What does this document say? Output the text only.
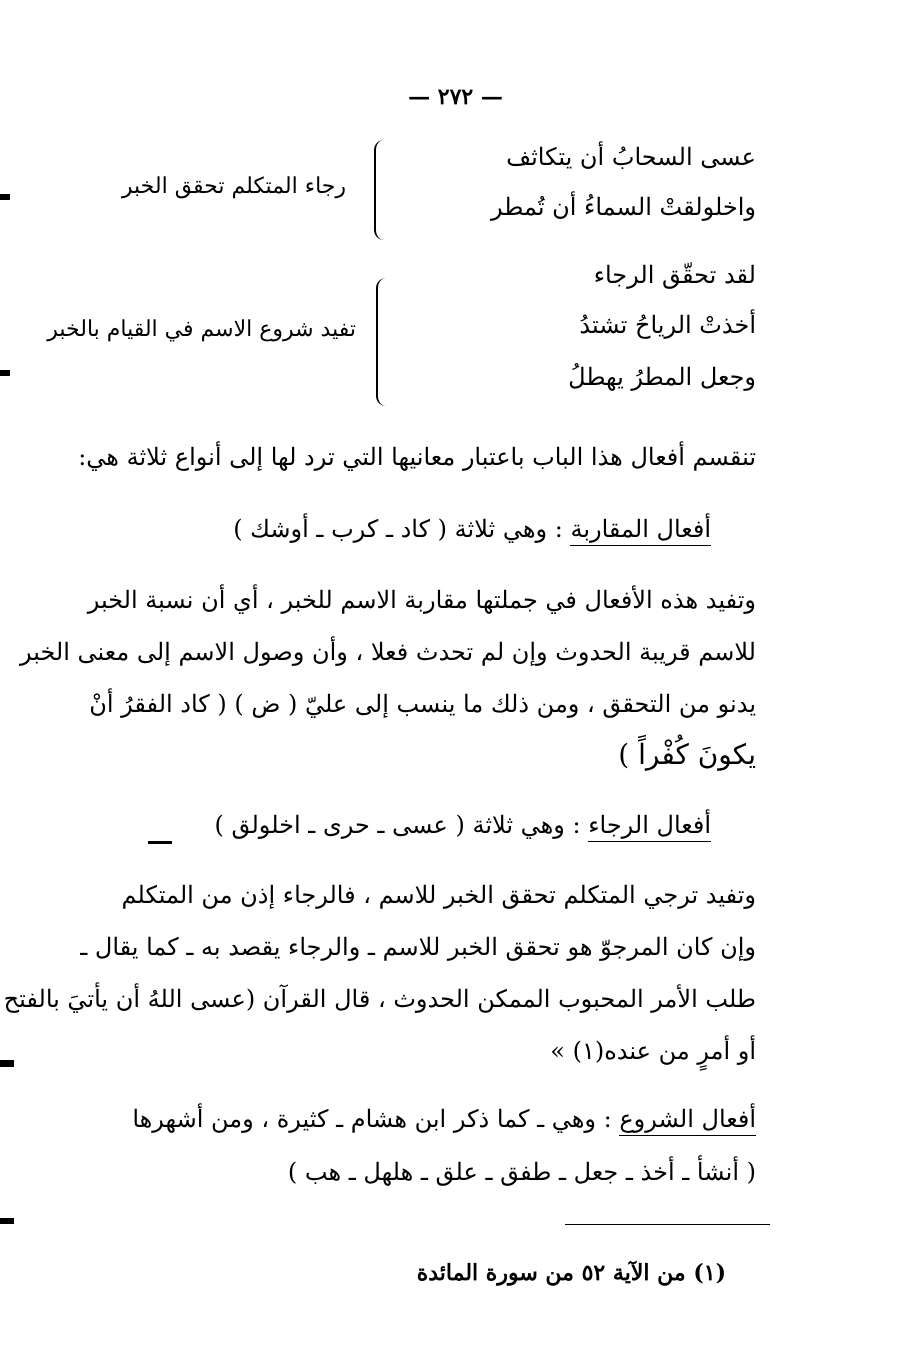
— ٢٧٢ —
عسى السحابُ أن يتكاثف
واخلولقتْ السماءُ أن تُمطر
رجاء المتكلم تحقق الخبر
لقد تحقّق الرجاء
أخذتْ الرياحُ تشتدُ
وجعل المطرُ يهطلُ
تفيد شروع الاسم في القيام بالخبر
تنقسم أفعال هذا الباب باعتبار معانيها التي ترد لها إلى أنواع ثلاثة هي:
أفعال المقاربة : وهي ثلاثة ( كاد ـ كرب ـ أوشك )
وتفيد هذه الأفعال في جملتها مقاربة الاسم للخبر ، أي أن نسبة الخبر
للاسم قريبة الحدوث وإن لم تحدث فعلا ، وأن وصول الاسم إلى معنى الخبر
يدنو من التحقق ، ومن ذلك ما ينسب إلى عليّ ( ض ) ( كاد الفقرُ أنْ
يكونَ كُفْراً )
أفعال الرجاء : وهي ثلاثة ( عسى ـ حرى ـ اخلولق )
وتفيد ترجي المتكلم تحقق الخبر للاسم ، فالرجاء إذن من المتكلم
وإن كان المرجوّ هو تحقق الخبر للاسم ـ والرجاء يقصد به ـ كما يقال ـ
طلب الأمر المحبوب الممكن الحدوث ، قال القرآن (عسى اللهُ أن يأتيَ بالفتح
أو أمرٍ من عنده(١) »
أفعال الشروع : وهي ـ كما ذكر ابن هشام ـ كثيرة ، ومن أشهرها
( أنشأ ـ أخذ ـ جعل ـ طفق ـ علق ـ هلهل ـ هب )
(١) من الآية ٥٢ من سورة المائدة
